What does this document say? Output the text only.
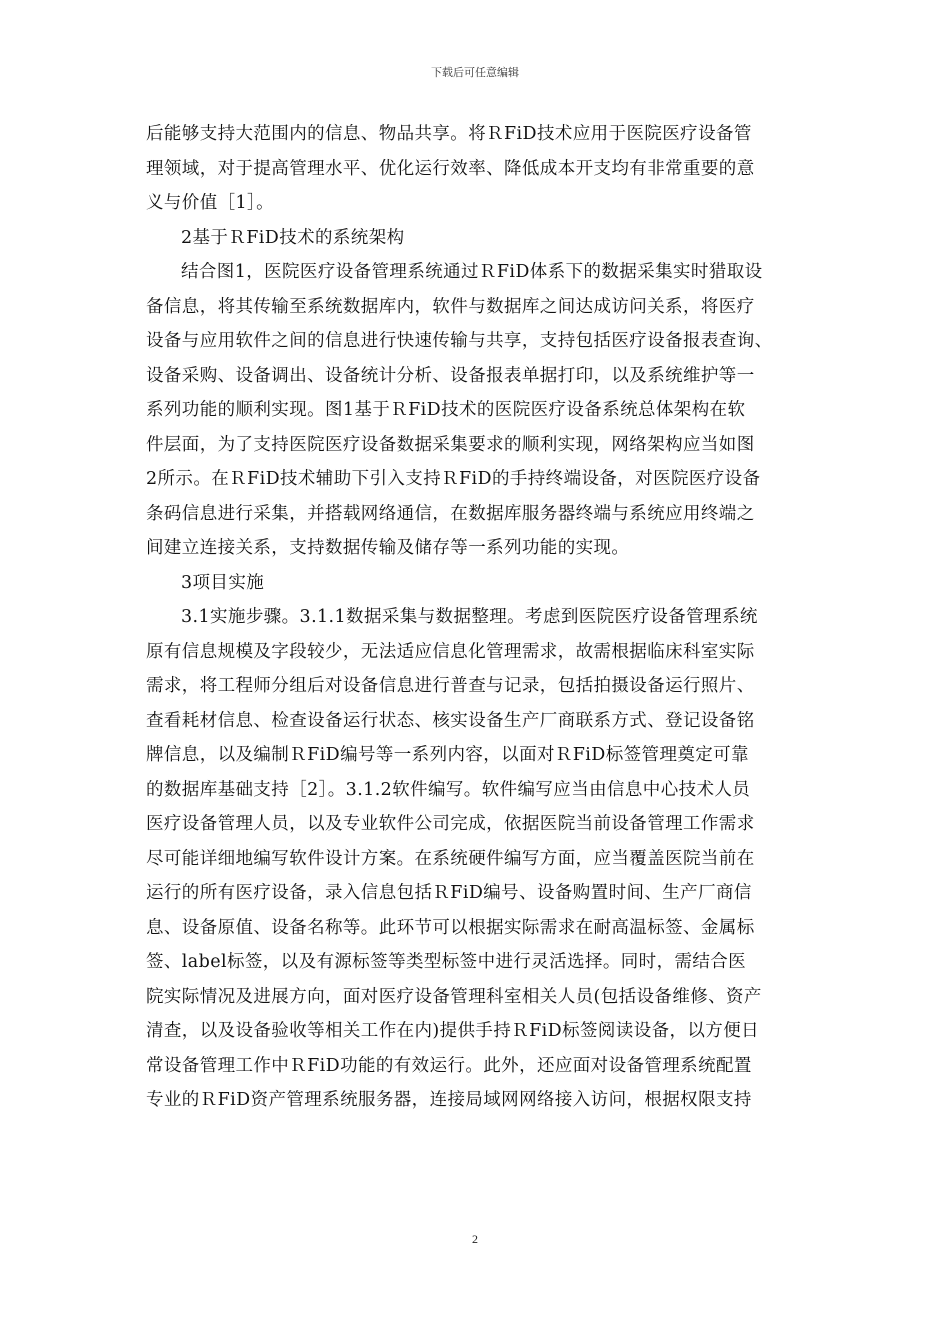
下载后可任意编辑
后能够支持大范围内的信息、物品共享。将ＲFiD技术应用于医院医疗设备管
理领域，对于提高管理水平、优化运行效率、降低成本开支均有非常重要的意
义与价值［1］。
2基于ＲFiD技术的系统架构
结合图1，医院医疗设备管理系统通过ＲFiD体系下的数据采集实时猎取设
备信息，将其传输至系统数据库内，软件与数据库之间达成访问关系，将医疗
设备与应用软件之间的信息进行快速传输与共享，支持包括医疗设备报表查询、
设备采购、设备调出、设备统计分析、设备报表单据打印，以及系统维护等一
系列功能的顺利实现。图1基于ＲFiD技术的医院医疗设备系统总体架构在软
件层面，为了支持医院医疗设备数据采集要求的顺利实现，网络架构应当如图
2所示。在ＲFiD技术辅助下引入支持ＲFiD的手持终端设备，对医院医疗设备
条码信息进行采集，并搭载网络通信，在数据库服务器终端与系统应用终端之
间建立连接关系，支持数据传输及储存等一系列功能的实现。
3项目实施
3.1实施步骤。3.1.1数据采集与数据整理。考虑到医院医疗设备管理系统
原有信息规模及字段较少，无法适应信息化管理需求，故需根据临床科室实际
需求，将工程师分组后对设备信息进行普查与记录，包括拍摄设备运行照片、
查看耗材信息、检查设备运行状态、核实设备生产厂商联系方式、登记设备铭
牌信息，以及编制ＲFiD编号等一系列内容，以面对ＲFiD标签管理奠定可靠
的数据库基础支持［2］。3.1.2软件编写。软件编写应当由信息中心技术人员
医疗设备管理人员，以及专业软件公司完成，依据医院当前设备管理工作需求
尽可能详细地编写软件设计方案。在系统硬件编写方面，应当覆盖医院当前在
运行的所有医疗设备，录入信息包括ＲFiD编号、设备购置时间、生产厂商信
息、设备原值、设备名称等。此环节可以根据实际需求在耐高温标签、金属标
签、label标签，以及有源标签等类型标签中进行灵活选择。同时，需结合医
院实际情况及进展方向，面对医疗设备管理科室相关人员(包括设备维修、资产
清查，以及设备验收等相关工作在内)提供手持ＲFiD标签阅读设备，以方便日
常设备管理工作中ＲFiD功能的有效运行。此外，还应面对设备管理系统配置
专业的ＲFiD资产管理系统服务器，连接局域网网络接入访问，根据权限支持
2
